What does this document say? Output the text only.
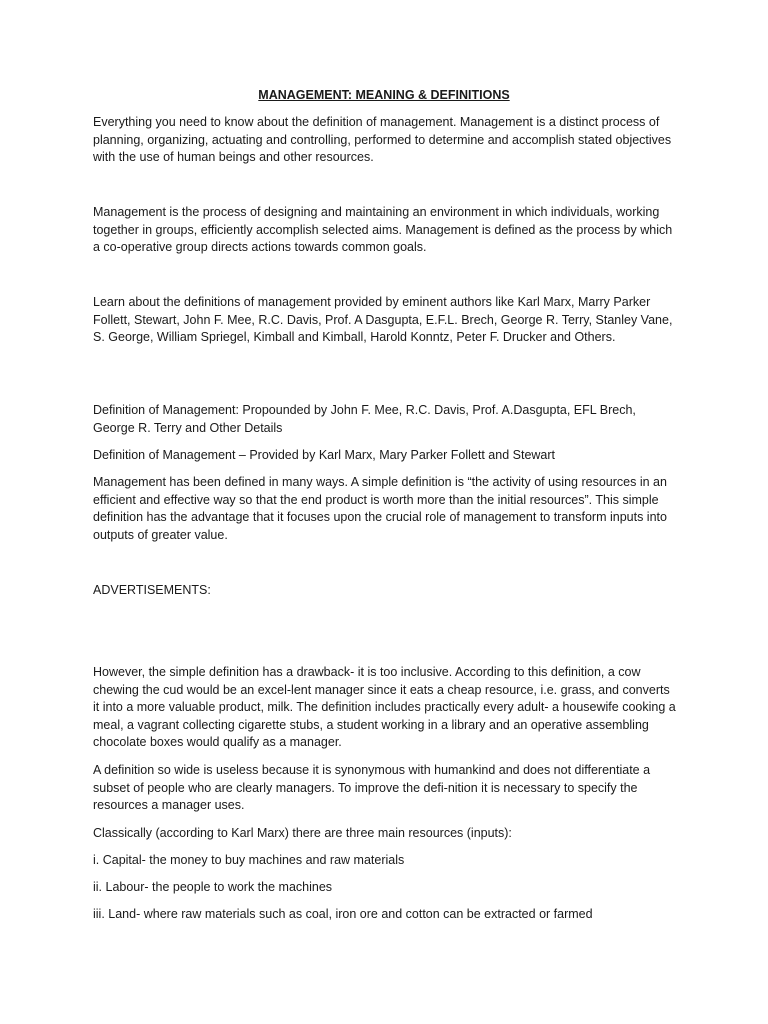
MANAGEMENT: MEANING & DEFINITIONS

Everything you need to know about the definition of management. Management is a distinct process of planning, organizing, actuating and controlling, performed to determine and accomplish stated objectives with the use of human beings and other resources.

Management is the process of designing and maintaining an environment in which individuals, working together in groups, efficiently accomplish selected aims. Management is defined as the process by which a co-operative group directs actions towards common goals.

Learn about the definitions of management provided by eminent authors like Karl Marx, Marry Parker Follett, Stewart, John F. Mee, R.C. Davis, Prof. A Dasgupta, E.F.L. Brech, George R. Terry, Stanley Vane, S. George, William Spriegel, Kimball and Kimball, Harold Konntz, Peter F. Drucker and Others.

Definition of Management: Propounded by John F. Mee, R.C. Davis, Prof. A.Dasgupta, EFL Brech, George R. Terry and Other Details

Definition of Management – Provided by Karl Marx, Mary Parker Follett and Stewart

Management has been defined in many ways. A simple definition is “the activity of using resources in an efficient and effective way so that the end product is worth more than the initial resources”. This simple definition has the advantage that it focuses upon the crucial role of management to transform inputs into outputs of greater value.

ADVERTISEMENTS:

However, the simple definition has a drawback- it is too inclusive. According to this definition, a cow chewing the cud would be an excel-lent manager since it eats a cheap resource, i.e. grass, and converts it into a more valuable product, milk. The definition includes practically every adult- a housewife cooking a meal, a vagrant collecting cigarette stubs, a student working in a library and an operative assembling chocolate boxes would qualify as a manager.

A definition so wide is useless because it is synonymous with humankind and does not differentiate a subset of people who are clearly managers. To improve the defi-nition it is necessary to specify the resources a manager uses.

Classically (according to Karl Marx) there are three main resources (inputs):

i. Capital- the money to buy machines and raw materials

ii. Labour- the people to work the machines

iii. Land- where raw materials such as coal, iron ore and cotton can be extracted or farmed
